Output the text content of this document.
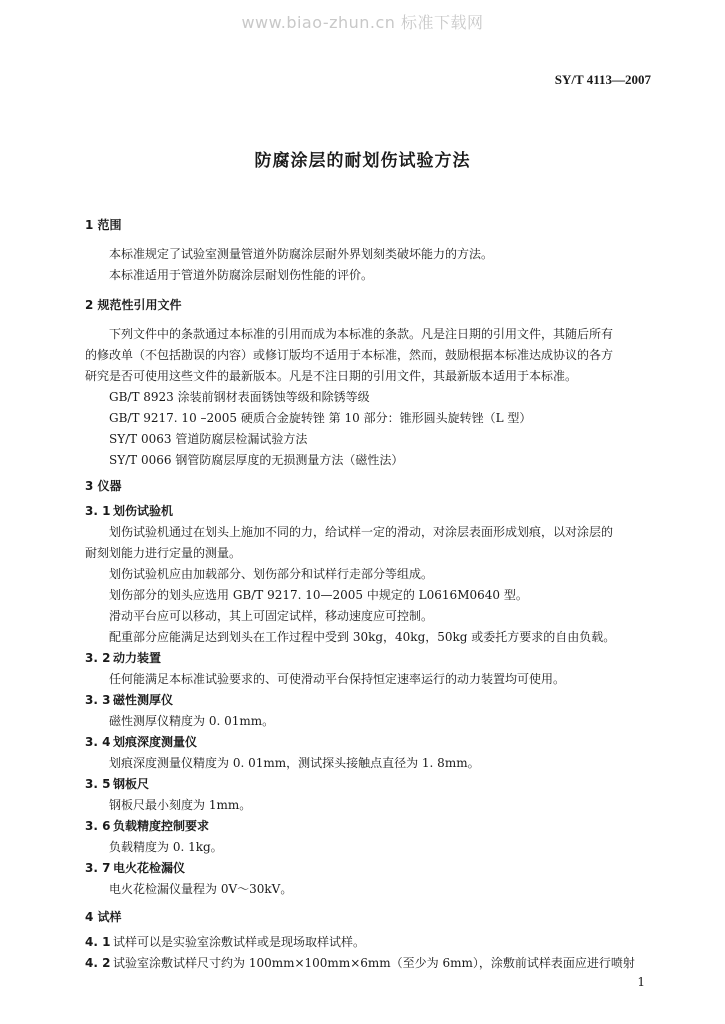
www.biao-zhun.cn 标准下载网
SY/T 4113—2007
防腐涂层的耐划伤试验方法
1 范围
本标准规定了试验室测量管道外防腐涂层耐外界划刻类破坏能力的方法。
本标准适用于管道外防腐涂层耐划伤性能的评价。
2 规范性引用文件
下列文件中的条款通过本标准的引用而成为本标准的条款。凡是注日期的引用文件，其随后所有
的修改单（不包括勘误的内容）或修订版均不适用于本标准，然而，鼓励根据本标准达成协议的各方
研究是否可使用这些文件的最新版本。凡是不注日期的引用文件，其最新版本适用于本标准。
GB/T 8923 涂装前钢材表面锈蚀等级和除锈等级
GB/T 9217. 10 –2005 硬质合金旋转锉 第 10 部分：锥形圆头旋转锉（L 型）
SY/T 0063 管道防腐层检漏试验方法
SY/T 0066 钢管防腐层厚度的无损测量方法（磁性法）
3 仪器
3. 1 划伤试验机
划伤试验机通过在划头上施加不同的力，给试样一定的滑动，对涂层表面形成划痕，以对涂层的
耐刻划能力进行定量的测量。
划伤试验机应由加载部分、划伤部分和试样行走部分等组成。
划伤部分的划头应选用 GB/T 9217. 10—2005 中规定的 L0616M0640 型。
滑动平台应可以移动，其上可固定试样，移动速度应可控制。
配重部分应能满足达到划头在工作过程中受到 30kg，40kg，50kg 或委托方要求的自由负载。
3. 2 动力装置
任何能满足本标准试验要求的、可使滑动平台保持恒定速率运行的动力装置均可使用。
3. 3 磁性测厚仪
磁性测厚仪精度为 0. 01mm。
3. 4 划痕深度测量仪
划痕深度测量仪精度为 0. 01mm，测试探头接触点直径为 1. 8mm。
3. 5 钢板尺
钢板尺最小刻度为 1mm。
3. 6 负载精度控制要求
负载精度为 0. 1kg。
3. 7 电火花检漏仪
电火花检漏仪量程为 0V～30kV。
4 试样
4. 1 试样可以是实验室涂敷试样或是现场取样试样。
4. 2 试验室涂敷试样尺寸约为 100mm×100mm×6mm（至少为 6mm），涂敷前试样表面应进行喷射
1
